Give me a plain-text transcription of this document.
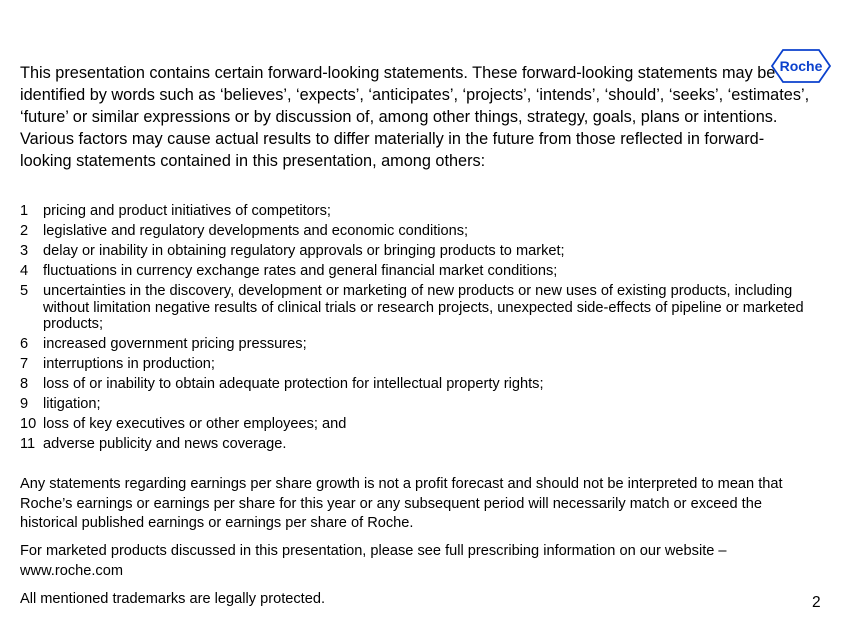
Roche

This presentation contains certain forward-looking statements. These forward-looking statements may be identified by words such as ‘believes’, ‘expects’, ‘anticipates’, ‘projects’, ‘intends’, ‘should’, ‘seeks’, ‘estimates’, ‘future’ or similar expressions or by discussion of, among other things, strategy, goals, plans or intentions. Various factors may cause actual results to differ materially in the future from those reflected in forward-looking statements contained in this presentation, among others:

1	pricing and product initiatives of competitors;
2	legislative and regulatory developments and economic conditions;
3	delay or inability in obtaining regulatory approvals or bringing products to market;
4	fluctuations in currency exchange rates and general financial market conditions;
5	uncertainties in the discovery, development or marketing of new products or new uses of existing products, including without limitation negative results of clinical trials or research projects, unexpected side-effects of pipeline or marketed products;
6	increased government pricing pressures;
7	interruptions in production;
8	loss of or inability to obtain adequate protection for intellectual property rights;
9	litigation;
10 loss of key executives or other employees; and
11 adverse publicity and news coverage.

Any statements regarding earnings per share growth is not a profit forecast and should not be interpreted to mean that Roche’s earnings or earnings per share for this year or any subsequent period will necessarily match or exceed the historical published earnings or earnings per share of Roche.

For marketed products discussed in this presentation, please see full prescribing information on our website – www.roche.com

All mentioned trademarks are legally protected.	2
